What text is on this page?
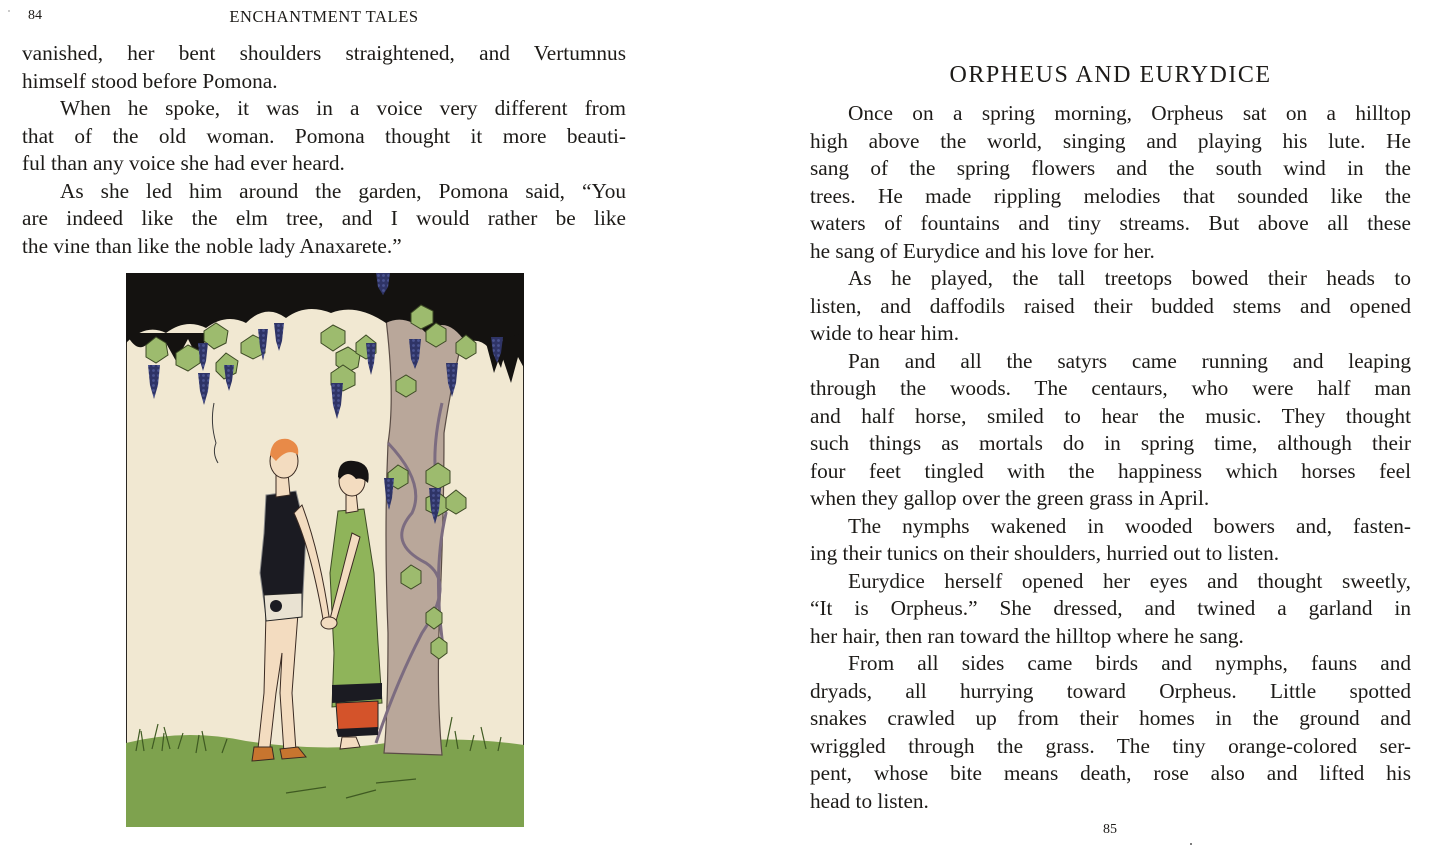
84	ENCHANTMENT TALES
vanished, her bent shoulders straightened, and Vertumnus
himself stood before Pomona.
When he spoke, it was in a voice very different from
that of the old woman. Pomona thought it more beauti-
ful than any voice she had ever heard.
As she led him around the garden, Pomona said, “You
are indeed like the elm tree, and I would rather be like
the vine than like the noble lady Anaxarete.”
ORPHEUS AND EURYDICE
Once on a spring morning, Orpheus sat on a hilltop
high above the world, singing and playing his lute. He
sang of the spring flowers and the south wind in the
trees. He made rippling melodies that sounded like the
waters of fountains and tiny streams. But above all these
he sang of Eurydice and his love for her.
As he played, the tall treetops bowed their heads to
listen, and daffodils raised their budded stems and opened
wide to hear him.
Pan and all the satyrs came running and leaping
through the woods. The centaurs, who were half man
and half horse, smiled to hear the music. They thought
such things as mortals do in spring time, although their
four feet tingled with the happiness which horses feel
when they gallop over the green grass in April.
The nymphs wakened in wooded bowers and, fasten-
ing their tunics on their shoulders, hurried out to listen.
Eurydice herself opened her eyes and thought sweetly,
“It is Orpheus.” She dressed, and twined a garland in
her hair, then ran toward the hilltop where he sang.
From all sides came birds and nymphs, fauns and
dryads, all hurrying toward Orpheus. Little spotted
snakes crawled up from their homes in the ground and
wriggled through the grass. The tiny orange-colored ser-
pent, whose bite means death, rose also and lifted his
head to listen.
85
